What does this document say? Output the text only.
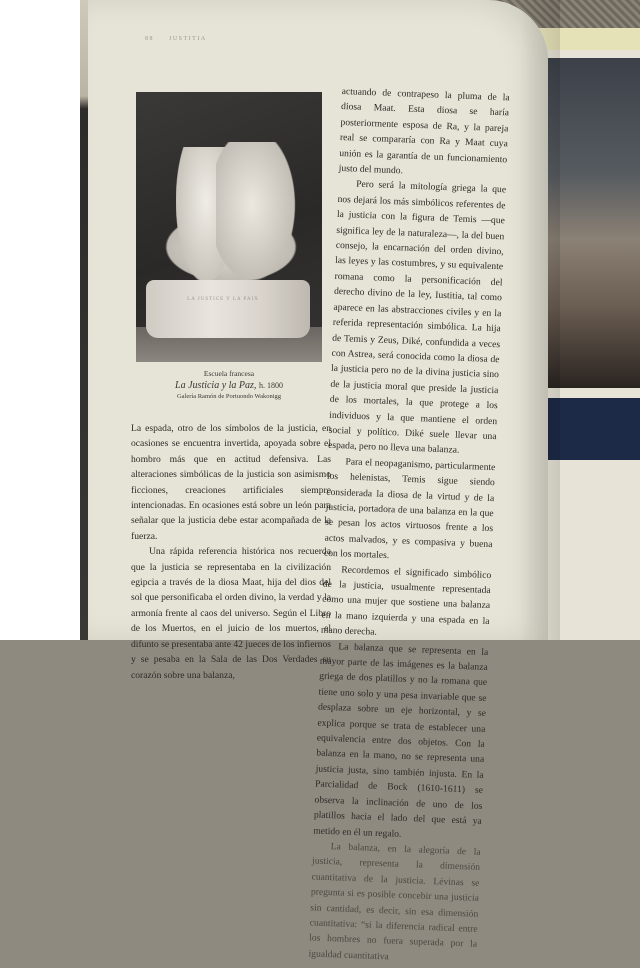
88	JUSTITIA
LA JUSTICE Y LA PAIX
Escuela francesa
La Justicia y la Paz, h. 1800
Galería Ramón de Portuondo Wakonigg

La espada, otro de los símbolos de la justicia, en ocasiones se encuentra invertida, apoyada sobre el hombro más que en actitud defensiva. Las alteraciones simbólicas de la justicia son asimismo ficciones, creaciones artificiales siempre intencionadas. En ocasiones está sobre un león para señalar que la justicia debe estar acompañada de la fuerza.

Una rápida referencia histórica nos recuerda que la justicia se representaba en la civilización egipcia a través de la diosa Maat, hija del dios del sol que personificaba el orden divino, la verdad y la armonía frente al caos del universo. Según el Libro de los Muertos, en el juicio de los muertos, el difunto se presentaba ante 42 jueces de los infiernos y se pesaba en la Sala de las Dos Verdades su corazón sobre una balanza,

actuando de contrapeso la pluma de la diosa Maat. Esta diosa se haría posteriormente esposa de Ra, y la pareja real se compararía con Ra y Maat cuya unión es la garantía de un funcionamiento justo del mundo.

Pero será la mitología griega la que nos dejará los más simbólicos referentes de la justicia con la figura de Temis —que significa ley de la naturaleza—, la del buen consejo, la encarnación del orden divino, las leyes y las costumbres, y su equivalente romana como la personificación del derecho divino de la ley, Iustitia, tal como aparece en las abstracciones civiles y en la referida representación simbólica. La hija de Temis y Zeus, Diké, confundida a veces con Astrea, será conocida como la diosa de la justicia pero no de la divina justicia sino de la justicia moral que preside la justicia de los mortales, la que protege a los individuos y la que mantiene el orden social y político. Diké suele llevar una espada, pero no lleva una balanza.

Para el neopaganismo, particularmente los helenistas, Temis sigue siendo considerada la diosa de la virtud y de la justicia, portadora de una balanza en la que se pesan los actos virtuosos frente a los actos malvados, y es compasiva y buena con los mortales.

Recordemos el significado simbólico de la justicia, usualmente representada como una mujer que sostiene una balanza en la mano izquierda y una espada en la mano derecha.

La balanza que se representa en la mayor parte de las imágenes es la balanza griega de dos platillos y no la romana que tiene uno solo y una pesa invariable que se desplaza sobre un eje horizontal, y se explica porque se trata de establecer una equivalencia entre dos objetos. Con la balanza en la mano, no se representa una justicia justa, sino también injusta. En la Parcialidad de Bock (1610-1611) se observa la inclinación de uno de los platillos hacia el lado del que está ya metido en él un regalo.

La balanza, en la alegoría de la justicia, representa la dimensión cuantitativa de la justicia. Lévinas se pregunta si es posible concebir una justicia sin cantidad, es decir, sin esa dimensión cuantitativa: “si la diferencia radical entre los hombres no fuera superada por la igualdad cuantitativa
